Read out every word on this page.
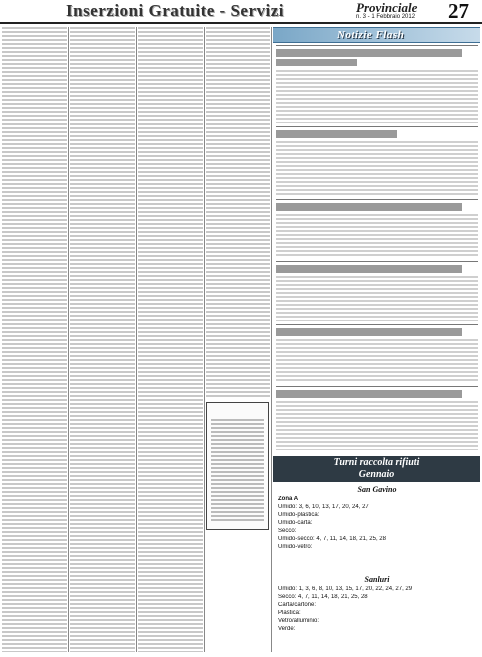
Inserzioni Gratuite - Servizi	Provinciale
n. 3 - 1 Febbraio 2012 27
Notizie Flash
Turni raccolta rifiuti
Gennaio
San Gavino
Zona A
Umido: 3, 6, 10, 13, 17, 20, 24, 27
Umido-plastica:
Umido-carta:
Secco:
Umido-secco: 4, 7, 11, 14, 18, 21, 25, 28
Umido-vetro:
Sanluri
Umido: 1, 3, 6, 8, 10, 13, 15, 17, 20, 22, 24, 27, 29
Secco: 4, 7, 11, 14, 18, 21, 25, 28
Carta/cartone:
Plastica:
Vetro/alluminio:
Verde:
